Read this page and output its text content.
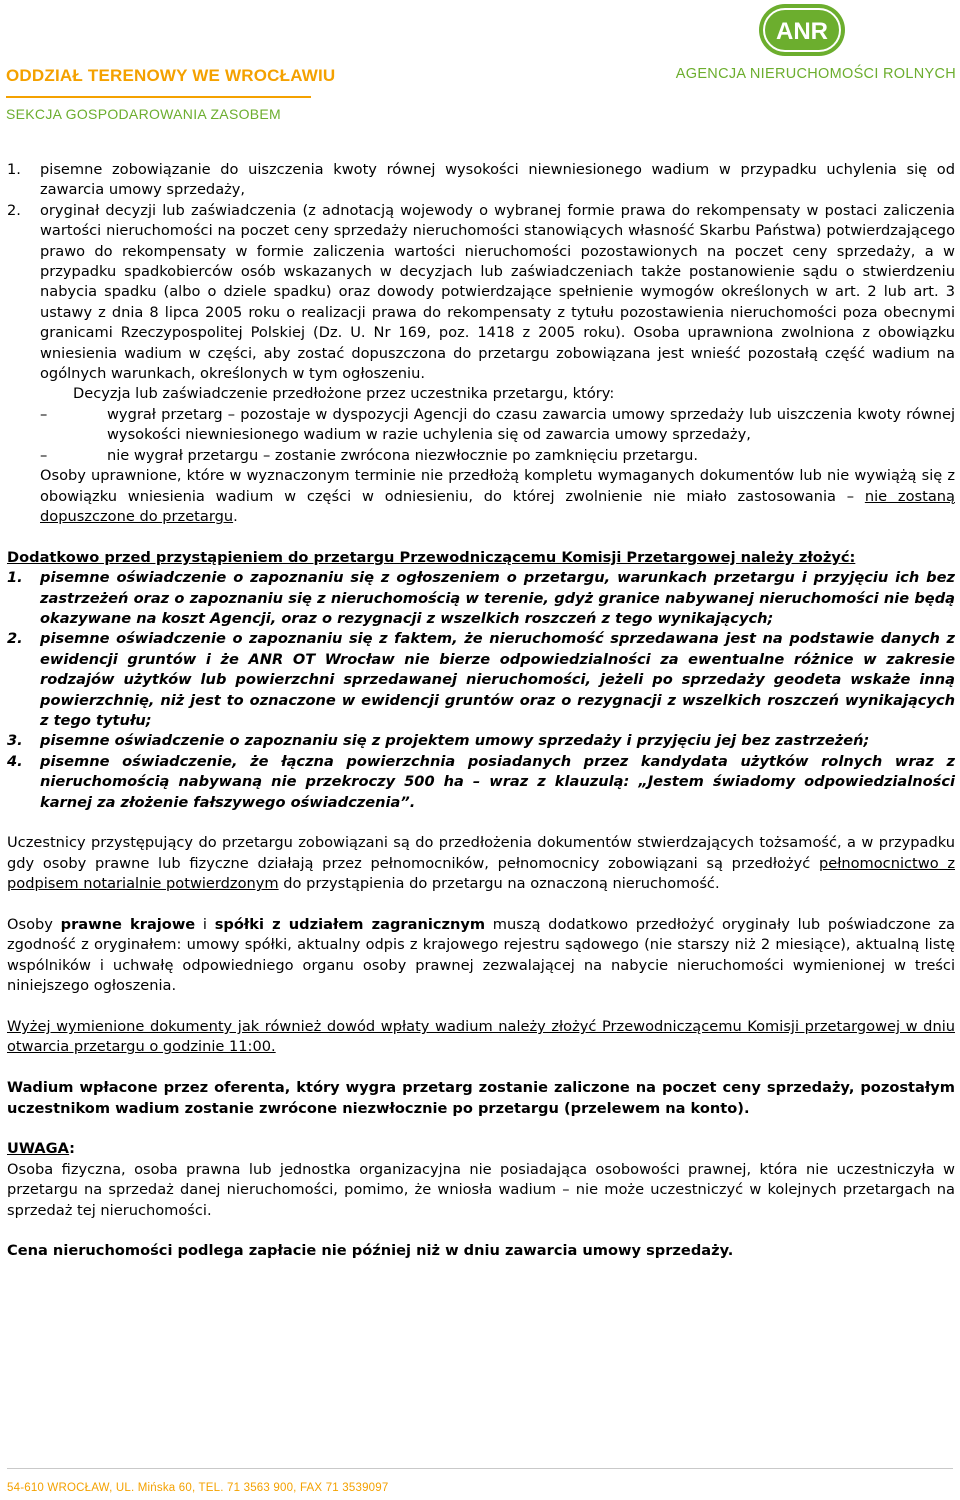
ODDZIAŁ TERENOWY WE WROCŁAWIU
SEKCJA GOSPODAROWANIA ZASOBEM
ANR
AGENCJA NIERUCHOMOŚCI ROLNYCH
1. pisemne zobowiązanie do uiszczenia kwoty równej wysokości niewniesionego wadium w przypadku uchylenia się od zawarcia umowy sprzedaży,
2. oryginał decyzji lub zaświadczenia (z adnotacją wojewody o wybranej formie prawa do rekompensaty w postaci zaliczenia wartości nieruchomości na poczet ceny sprzedaży nieruchomości stanowiących własność Skarbu Państwa) potwierdzającego prawo do rekompensaty w formie zaliczenia wartości nieruchomości pozostawionych na poczet ceny sprzedaży, a w przypadku spadkobierców osób wskazanych w decyzjach lub zaświadczeniach także postanowienie sądu o stwierdzeniu nabycia spadku (albo o dziele spadku) oraz dowody potwierdzające spełnienie wymogów określonych w art. 2 lub art. 3 ustawy z dnia 8 lipca 2005 roku o realizacji prawa do rekompensaty z tytułu pozostawienia nieruchomości poza obecnymi granicami Rzeczypospolitej Polskiej (Dz. U. Nr 169, poz. 1418 z 2005 roku). Osoba uprawniona zwolniona z obowiązku wniesienia wadium w części, aby zostać dopuszczona do przetargu zobowiązana jest wnieść pozostałą część wadium na ogólnych warunkach, określonych w tym ogłoszeniu.

Decyzja lub zaświadczenie przedłożone przez uczestnika przetargu, który:

–	wygrał przetarg – pozostaje w dyspozycji Agencji do czasu zawarcia umowy sprzedaży lub uiszczenia kwoty równej wysokości niewniesionego wadium w razie uchylenia się od zawarcia umowy sprzedaży,
–	nie wygrał przetargu – zostanie zwrócona niezwłocznie po zamknięciu przetargu.

Osoby uprawnione, które w wyznaczonym terminie nie przedłożą kompletu wymaganych dokumentów lub nie wywiążą się z obowiązku wniesienia wadium w części w odniesieniu, do której zwolnienie nie miało zastosowania – nie zostaną dopuszczone do przetargu.

Dodatkowo przed przystąpieniem do przetargu Przewodniczącemu Komisji Przetargowej należy złożyć:

1. pisemne oświadczenie o zapoznaniu się z ogłoszeniem o przetargu, warunkach przetargu i przyjęciu ich bez zastrzeżeń oraz o zapoznaniu się z nieruchomością w terenie, gdyż granice nabywanej nieruchomości nie będą okazywane na koszt Agencji, oraz o rezygnacji z wszelkich roszczeń z tego wynikających;
2. pisemne oświadczenie o zapoznaniu się z faktem, że nieruchomość sprzedawana jest na podstawie danych z ewidencji gruntów i że ANR OT Wrocław nie bierze odpowiedzialności za ewentualne różnice w zakresie rodzajów użytków lub powierzchni sprzedawanej nieruchomości, jeżeli po sprzedaży geodeta wskaże inną powierzchnię, niż jest to oznaczone w ewidencji gruntów oraz o rezygnacji z wszelkich roszczeń wynikających z tego tytułu;
3. pisemne oświadczenie o zapoznaniu się z projektem umowy sprzedaży i przyjęciu jej bez zastrzeżeń;
4. pisemne oświadczenie, że łączna powierzchnia posiadanych przez kandydata użytków rolnych wraz z nieruchomością nabywaną nie przekroczy 500 ha – wraz z klauzulą: „Jestem świadomy odpowiedzialności karnej za złożenie fałszywego oświadczenia”.

Uczestnicy przystępujący do przetargu zobowiązani są do przedłożenia dokumentów stwierdzających tożsamość, a w przypadku gdy osoby prawne lub fizyczne działają przez pełnomocników, pełnomocnicy zobowiązani są przedłożyć pełnomocnictwo z podpisem notarialnie potwierdzonym do przystąpienia do przetargu na oznaczoną nieruchomość.

Osoby prawne krajowe i spółki z udziałem zagranicznym muszą dodatkowo przedłożyć oryginały lub poświadczone za zgodność z oryginałem: umowy spółki, aktualny odpis z krajowego rejestru sądowego (nie starszy niż 2 miesiące), aktualną listę wspólników i uchwałę odpowiedniego organu osoby prawnej zezwalającej na nabycie nieruchomości wymienionej w treści niniejszego ogłoszenia.

Wyżej wymienione dokumenty jak również dowód wpłaty wadium należy złożyć Przewodniczącemu Komisji przetargowej w dniu otwarcia przetargu o godzinie 11:00.

Wadium wpłacone przez oferenta, który wygra przetarg zostanie zaliczone na poczet ceny sprzedaży, pozostałym uczestnikom wadium zostanie zwrócone niezwłocznie po przetargu (przelewem na konto).

UWAGA:

Osoba fizyczna, osoba prawna lub jednostka organizacyjna nie posiadająca osobowości prawnej, która nie uczestniczyła w przetargu na sprzedaż danej nieruchomości, pomimo, że wniosła wadium – nie może uczestniczyć w kolejnych przetargach na sprzedaż tej nieruchomości.

Cena nieruchomości podlega zapłacie nie później niż w dniu zawarcia umowy sprzedaży.

54-610 WROCŁAW, UL. Mińska 60, TEL. 71 3563 900, FAX 71 3539097
